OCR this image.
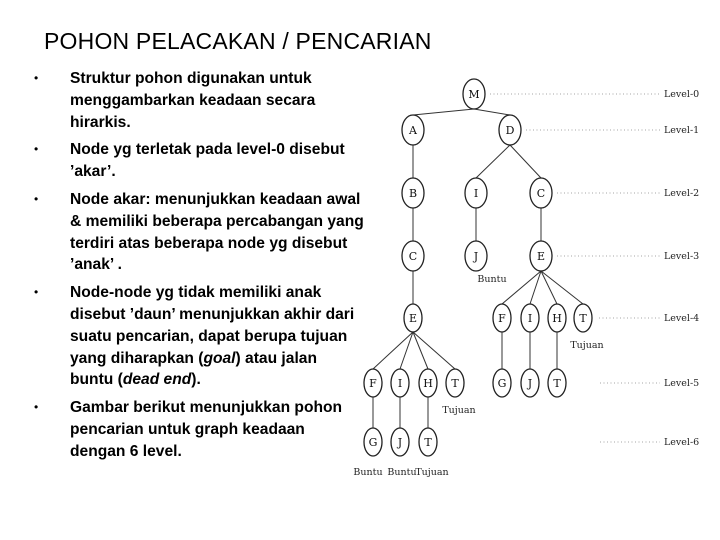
POHON PELACAKAN / PENCARIAN
•	Struktur pohon digunakan untuk menggambarkan keadaan secara hirarkis.
•	Node yg terletak pada level-0 disebut ’akar’.
•	Node akar: menunjukkan keadaan awal & memiliki beberapa percabangan yang terdiri atas beberapa node yg disebut ’anak’ .
•	Node-node yg tidak memiliki anak disebut ’daun’ menunjukkan akhir dari suatu pencarian, dapat berupa tujuan yang diharapkan (goal) atau jalan buntu (dead end).
•	Gambar berikut menunjukkan pohon pencarian untuk graph keadaan dengan 6 level.
Level-0
Level-1
Level-2
Level-3
Level-4
Level-5
Level-6
M
A	D
B	I	C
C	J	E
E	F I H T
F I H T	G J T
G J T
Buntu
Tujuan
Tujuan
Buntu Buntu
Tujuan
